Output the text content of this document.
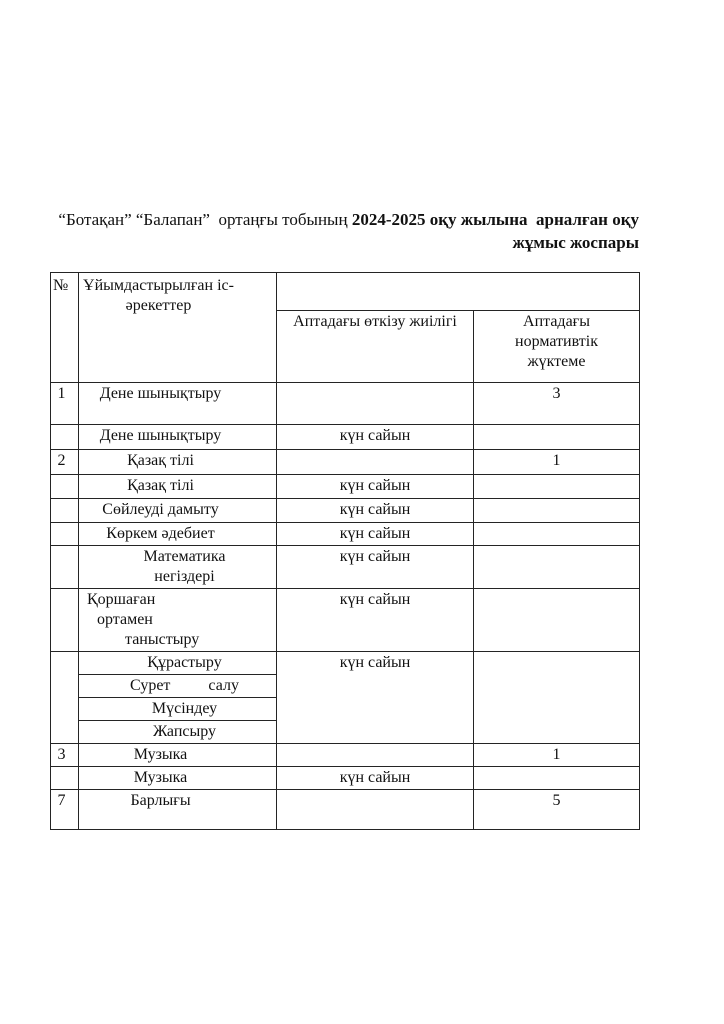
“Ботақан” “Балапан”  ортаңғы тобының 2024-2025 оқу жылына  арналған оқу
жұмыс жоспары
№	Ұйымдастырылған іс-әрекеттер		
		Аптадағы өткізу жиілігі	Аптадағы
нормативтік
жүктеме

1	Дене шынықтыру		3
	Дене шынықтыру	күн сайын	
2	Қазақ тілі		1
	Қазақ тілі	күн сайын	
	Сөйлеуді дамыту	күн сайын	
	Көркем әдебиет	күн сайын	

	Математика
негіздері	күн сайын	

	Қоршаған
ортамен
таныстыру	күн сайын	
	Құрастыру	күн сайын	
	Сурет салу		
	Мүсіндеу		
	Жапсыру		
3	Музыка		1
	Музыка	күн сайын	
7	Барлығы		5
